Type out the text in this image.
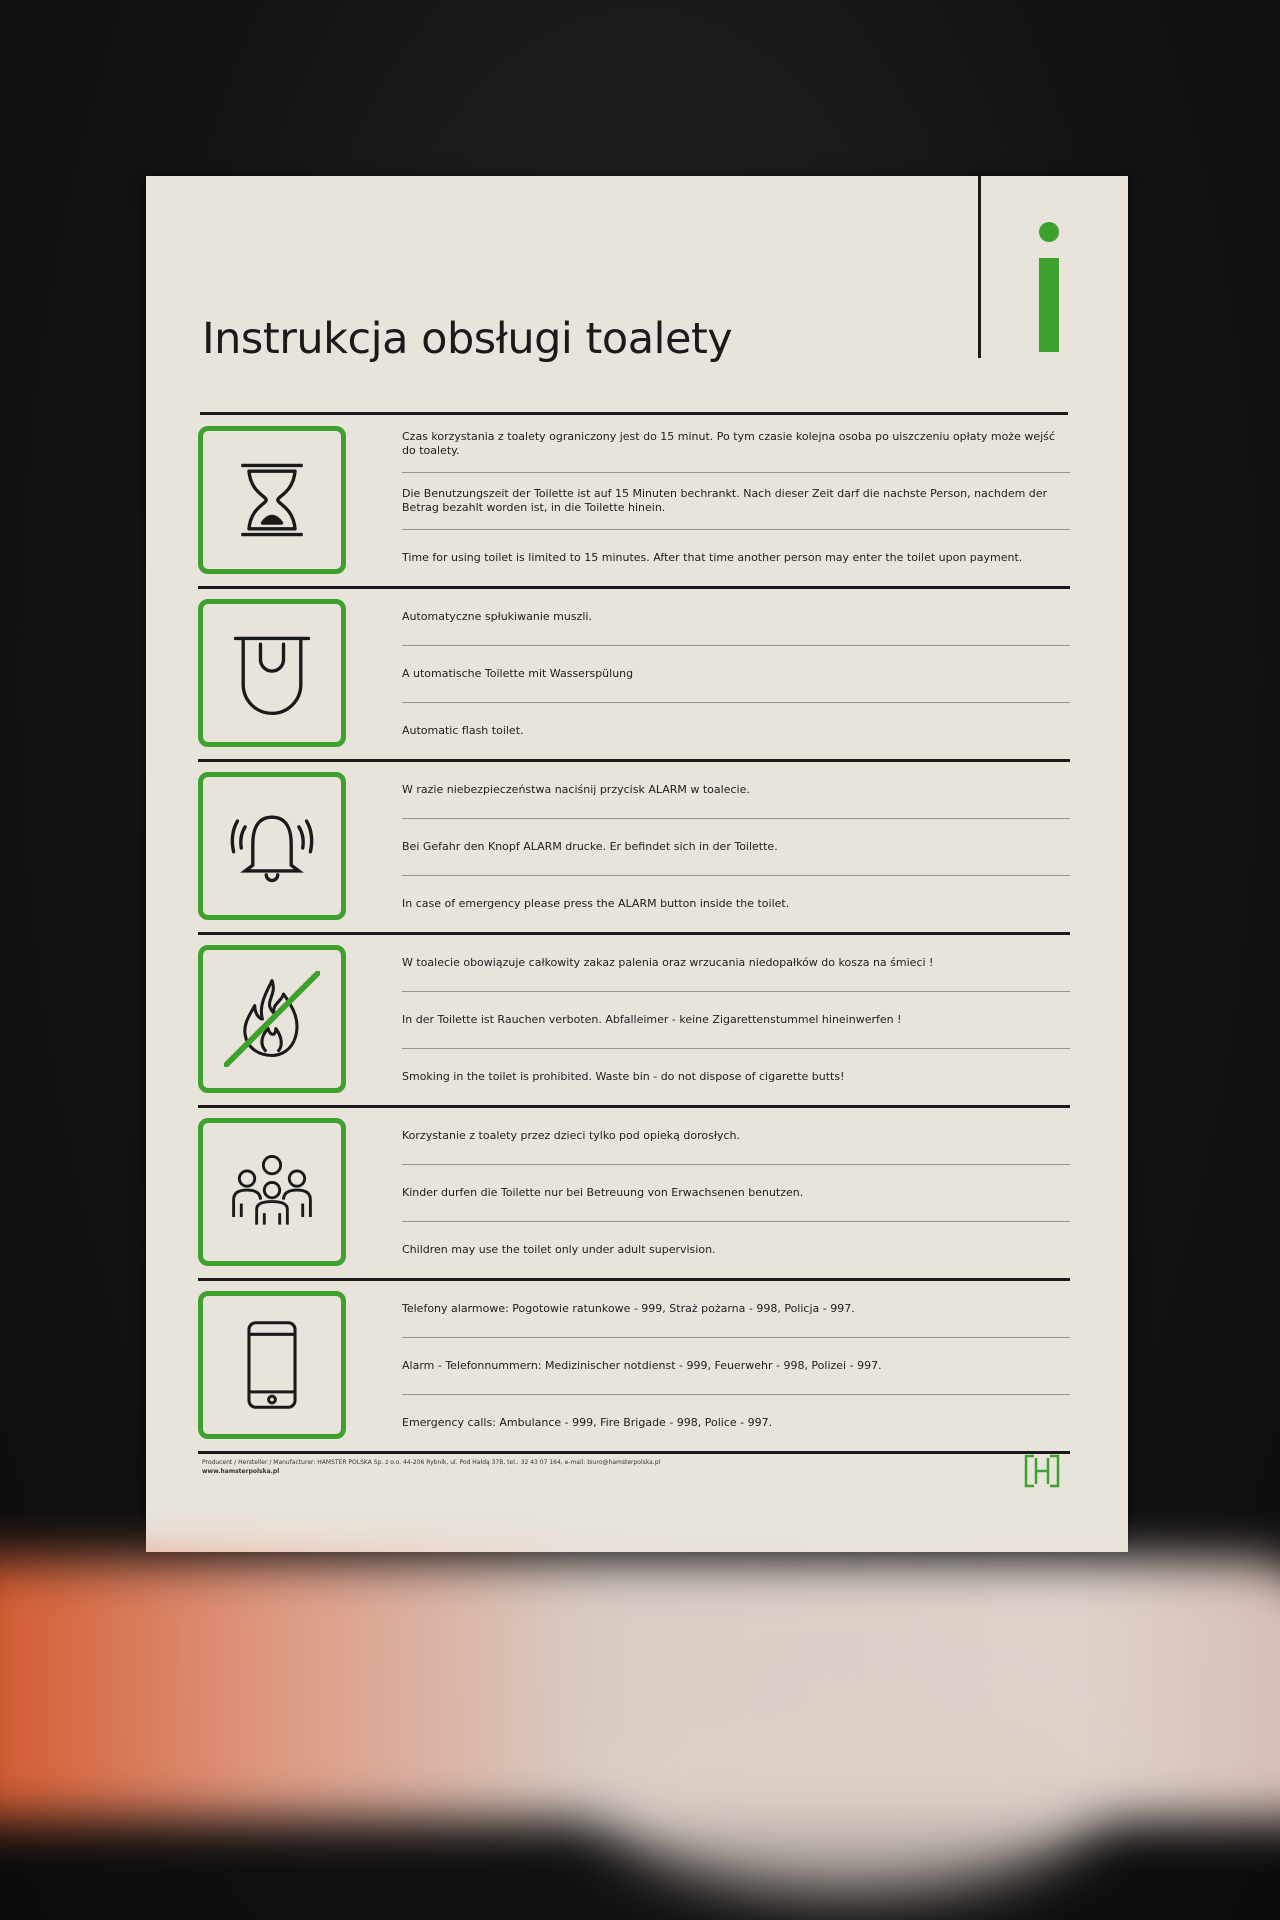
Instrukcja obsługi toalety
Czas korzystania z toalety ograniczony jest do 15 minut. Po tym czasie kolejna osoba po uiszczeniu opłaty może wejść do toalety.
Die Benutzungszeit der Toilette ist auf 15 Minuten bechrankt. Nach dieser Zeit darf die nachste Person, nachdem der Betrag bezahlt worden ist, in die Toilette hinein.
Time for using toilet is limited to 15 minutes. After that time another person may enter the toilet upon payment.
Automatyczne spłukiwanie muszli.
A utomatische Toilette mit Wasserspülung
Automatic flash toilet.
W razie niebezpieczeństwa naciśnij przycisk ALARM w toalecie.
Bei Gefahr den Knopf ALARM drucke. Er befindet sich in der Toilette.
In case of emergency please press the ALARM button inside the toilet.
W toalecie obowiązuje całkowity zakaz palenia oraz wrzucania niedopałków do kosza na śmieci !
In der Toilette ist Rauchen verboten. Abfalleimer - keine Zigarettenstummel hineinwerfen !
Smoking in the toilet is prohibited. Waste bin - do not dispose of cigarette butts!
Korzystanie z toalety przez dzieci tylko pod opieką dorosłych.
Kinder durfen die Toilette nur bei Betreuung von Erwachsenen benutzen.
Children may use the toilet only under adult supervision.
Telefony alarmowe: Pogotowie ratunkowe - 999, Straż pożarna - 998, Policja - 997.
Alarm - Telefonnummern: Medizinischer notdienst - 999, Feuerwehr - 998, Polizei - 997.
Emergency calls: Ambulance - 999, Fire Brigade - 998, Police - 997.
Producent / Hersteller / Manufacturer: HAMSTER POLSKA Sp. z o.o. 44-206 Rybnik, ul. Pod Hałdą 37B, tel.: 32 43 07 164, e-mail: biuro@hamsterpolska.pl
www.hamsterpolska.pl
